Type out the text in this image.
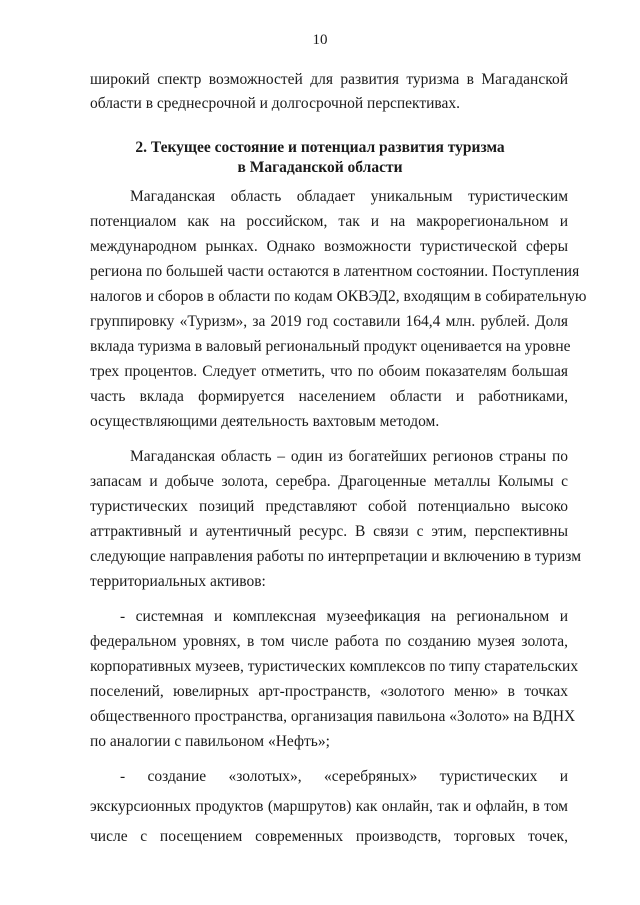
10
широкий спектр возможностей для развития туризма в Магаданской
области в среднесрочной и долгосрочной перспективах.
2. Текущее состояние и потенциал развития туризма
в Магаданской области
Магаданская область обладает уникальным туристическим
потенциалом как на российском, так и на макрорегиональном и
международном рынках. Однако возможности туристической сферы
региона по большей части остаются в латентном состоянии. Поступления
налогов и сборов в области по кодам ОКВЭД2, входящим в собирательную
группировку «Туризм», за 2019 год составили 164,4 млн. рублей. Доля
вклада туризма в валовый региональный продукт оценивается на уровне
трех процентов. Следует отметить, что по обоим показателям большая
часть вклада формируется населением области и работниками,
осуществляющими деятельность вахтовым методом.
Магаданская область – один из богатейших регионов страны по
запасам и добыче золота, серебра. Драгоценные металлы Колымы с
туристических позиций представляют собой потенциально высоко
аттрактивный и аутентичный ресурс. В связи с этим, перспективны
следующие направления работы по интерпретации и включению в туризм
территориальных активов:
- системная и комплексная музеефикация на региональном и
федеральном уровнях, в том числе работа по созданию музея золота,
корпоративных музеев, туристических комплексов по типу старательских
поселений, ювелирных арт-пространств, «золотого меню» в точках
общественного пространства, организация павильона «Золото» на ВДНХ
по аналогии с павильоном «Нефть»;
- создание «золотых», «серебряных» туристических и
экскурсионных продуктов (маршрутов) как онлайн, так и офлайн, в том
числе с посещением современных производств, торговых точек,
